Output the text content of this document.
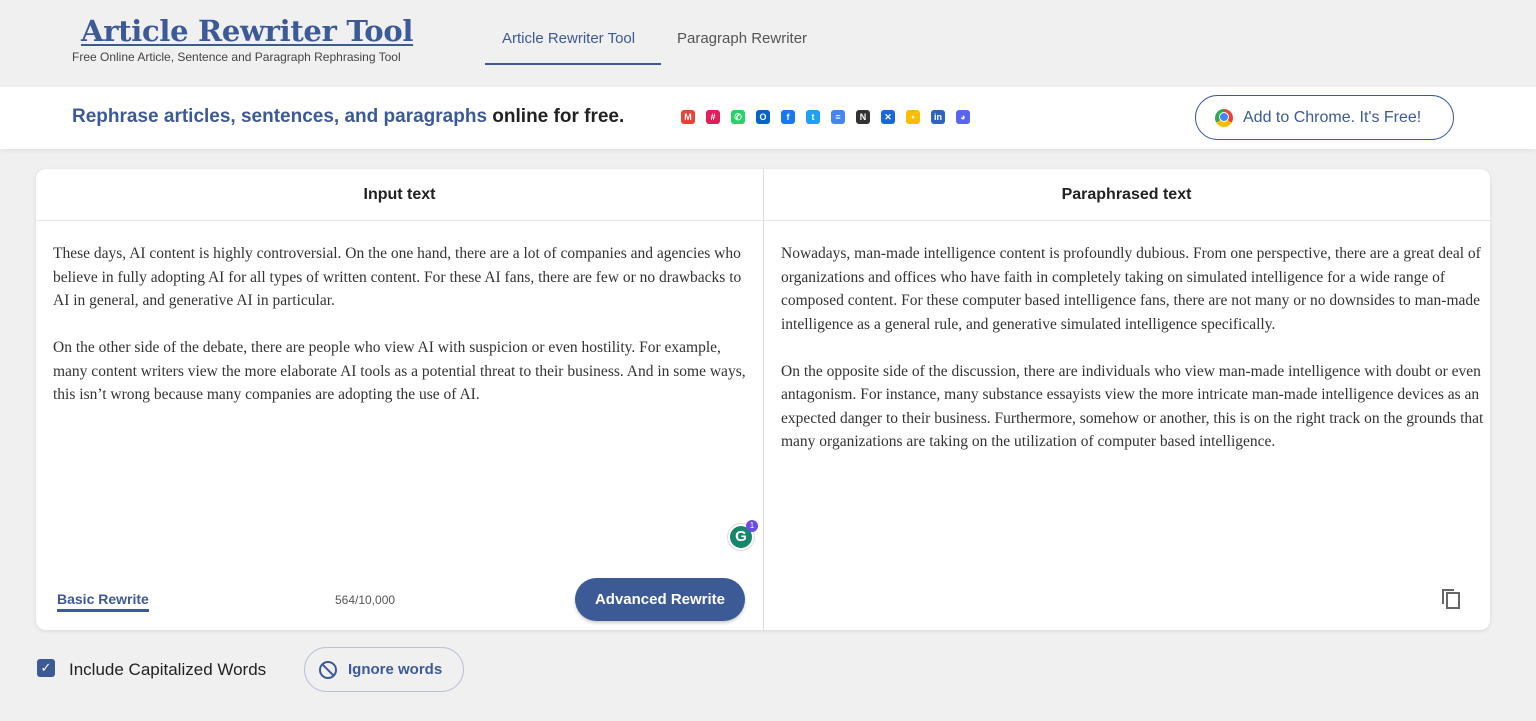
Article Rewriter Tool
Free Online Article, Sentence and Paragraph Rephrasing Tool
Article Rewriter Tool	Paragraph Rewriter
Rephrase articles, sentences, and paragraphs online for free.	M	#	✆	O	f	t	≡	N	✕	•	in	◕	Add to Chrome. It's Free!
Input text	Paraphrased text

These days, AI content is highly controversial. On the one hand, there are a lot of companies and agencies who believe in fully adopting AI for all types of written content. For these AI fans, there are few or no drawbacks to AI in general, and generative AI in particular.

On the other side of the debate, there are people who view AI with suspicion or even hostility. For example, many content writers view the more elaborate AI tools as a potential threat to their business. And in some ways, this isn’t wrong because many companies are adopting the use of AI.

Nowadays, man-made intelligence content is profoundly dubious. From one perspective, there are a great deal of organizations and offices who have faith in completely taking on simulated intelligence for a wide range of composed content. For these computer based intelligence fans, there are not many or no downsides to man-made intelligence as a general rule, and generative simulated intelligence specifically.

On the opposite side of the discussion, there are individuals who view man-made intelligence with doubt or even antagonism. For instance, many substance essayists view the more intricate man-made intelligence devices as an expected danger to their business. Furthermore, somehow or another, this is on the right track on the grounds that many organizations are taking on the utilization of computer based intelligence.

G
1
Basic Rewrite	564/10,000	Advanced Rewrite
✓ Include Capitalized Words	Ignore words
